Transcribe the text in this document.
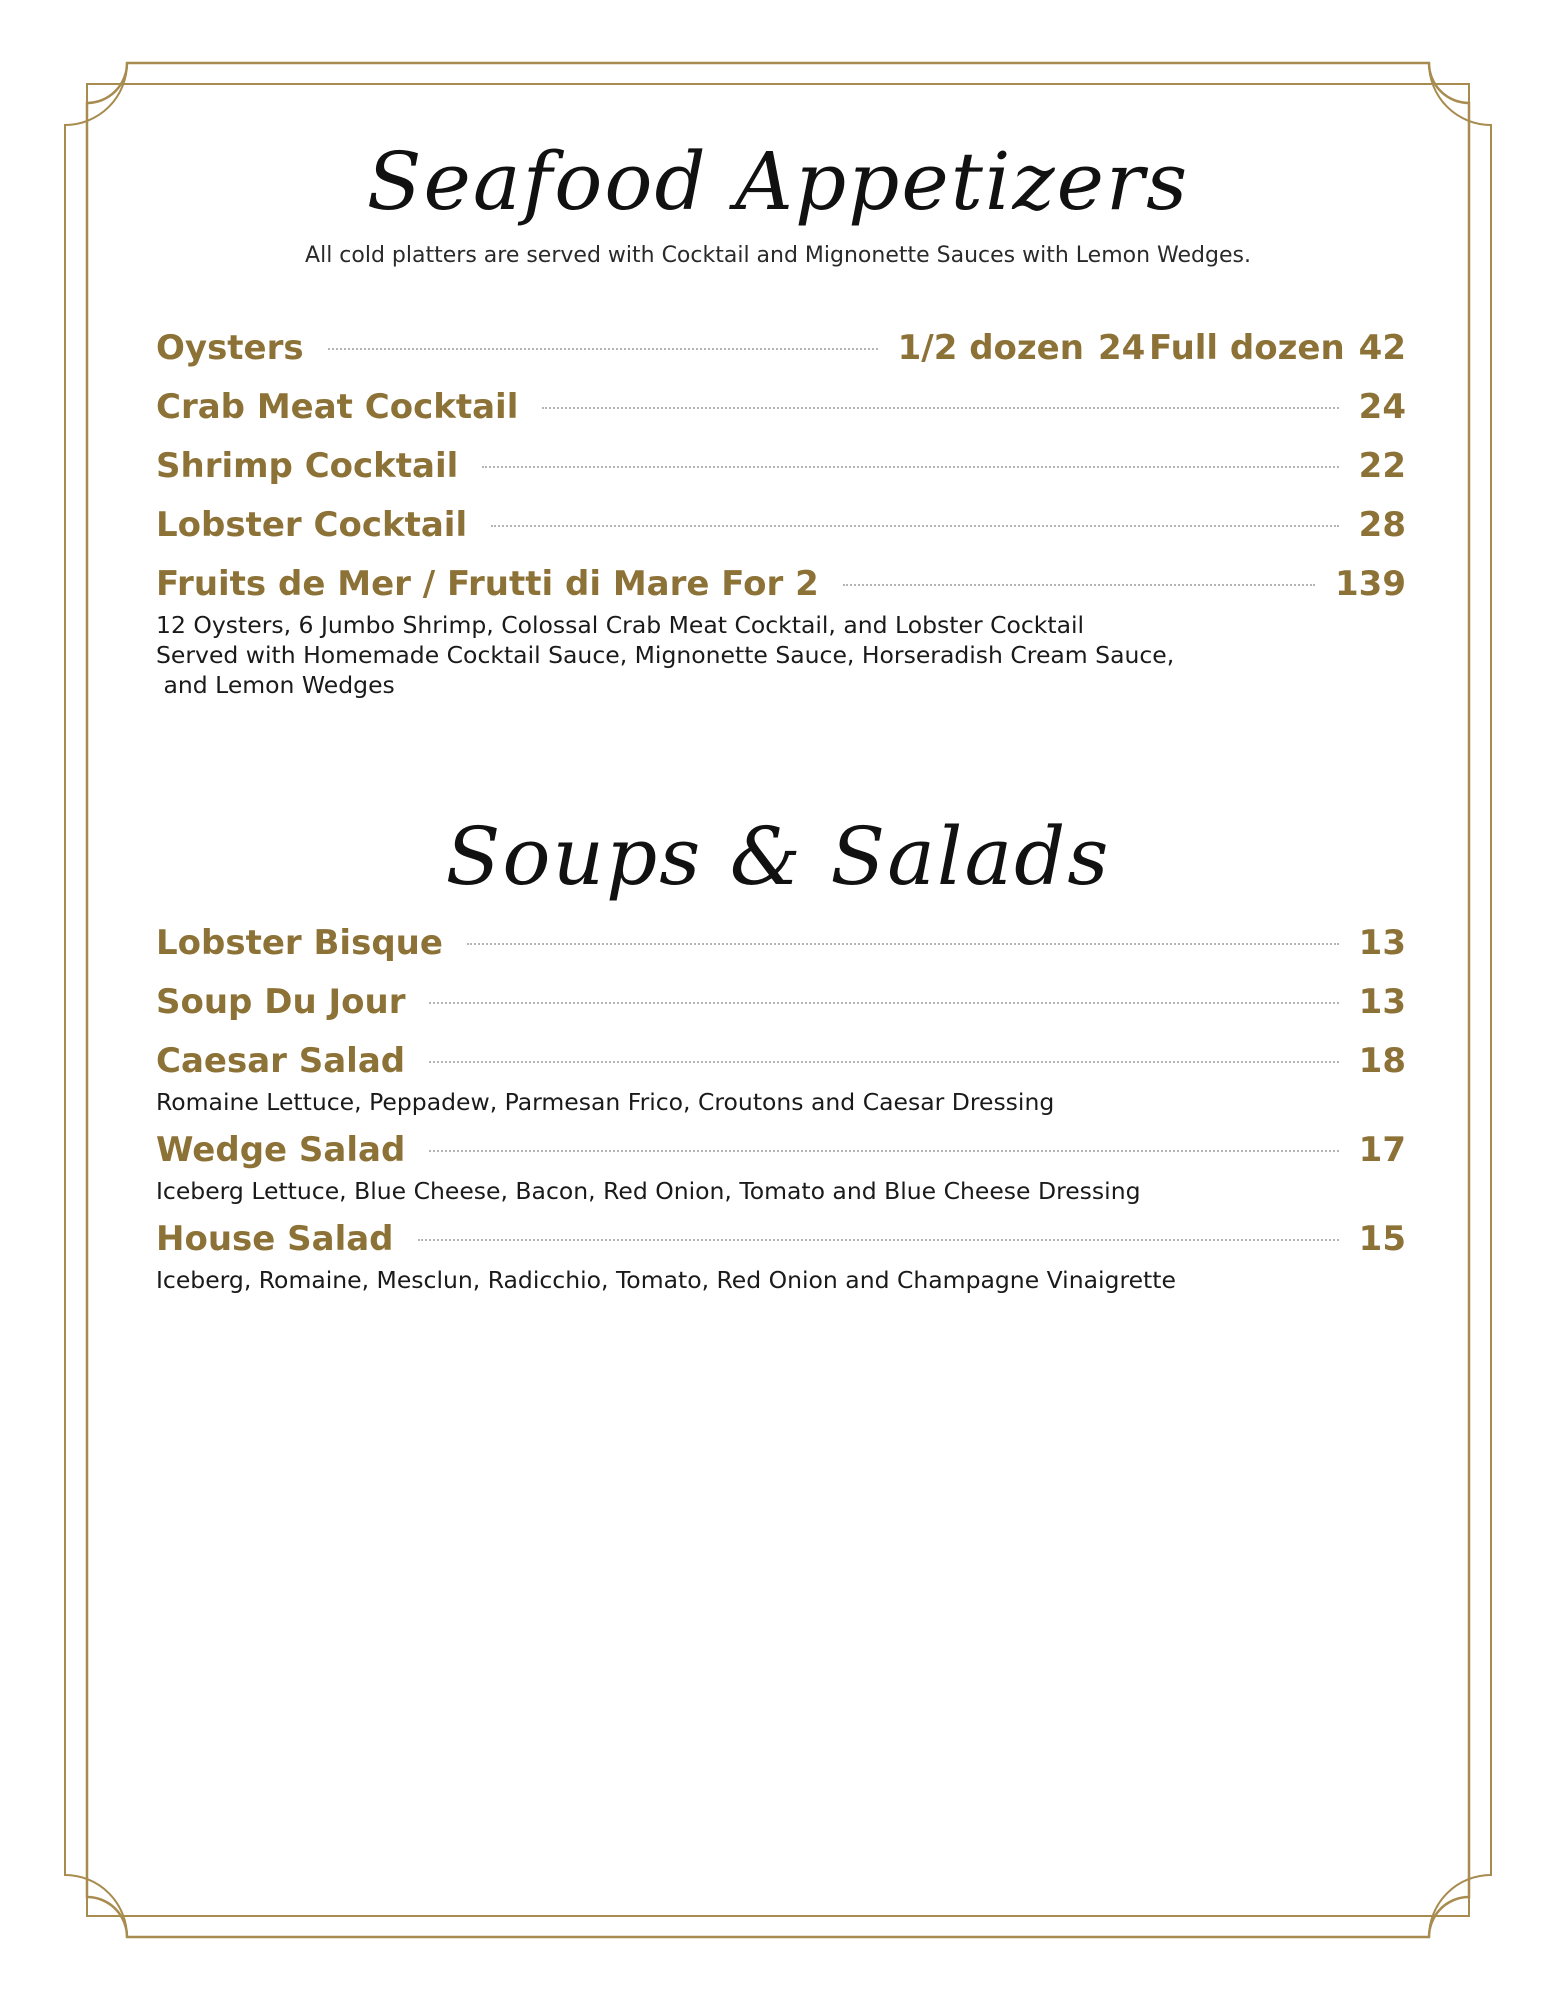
Seafood Appetizers
All cold platters are served with Cocktail and Mignonette Sauces with Lemon Wedges.
Oysters	1/2 dozen 24 Full dozen 42
Crab Meat Cocktail	24
Shrimp Cocktail	22
Lobster Cocktail	28
Fruits de Mer / Frutti di Mare For 2	139
12 Oysters, 6 Jumbo Shrimp, Colossal Crab Meat Cocktail, and Lobster Cocktail
Served with Homemade Cocktail Sauce, Mignonette Sauce, Horseradish Cream Sauce,
and Lemon Wedges
Soups & Salads
Lobster Bisque	13
Soup Du Jour	13
Caesar Salad	18
Romaine Lettuce, Peppadew, Parmesan Frico, Croutons and Caesar Dressing
Wedge Salad	17
Iceberg Lettuce, Blue Cheese, Bacon, Red Onion, Tomato and Blue Cheese Dressing
House Salad	15
Iceberg, Romaine, Mesclun, Radicchio, Tomato, Red Onion and Champagne Vinaigrette
